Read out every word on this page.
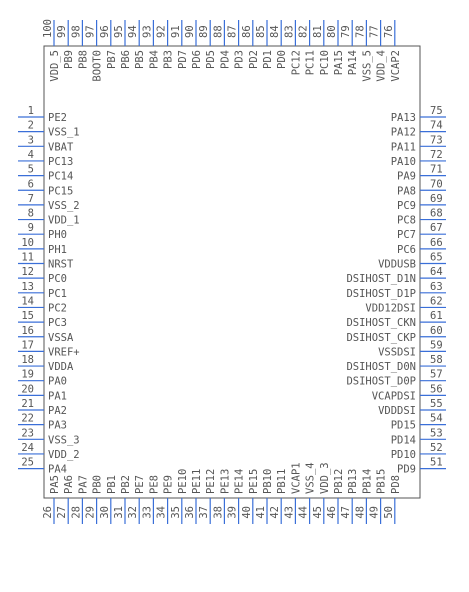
1
PE2
2
VSS_1
3
VBAT
4
PC13
5
PC14
6
PC15
7
VSS_2
8
VDD_1
9
PH0
10
PH1
11
NRST
12
PC0
13
PC1
14
PC2
15
PC3
16
VSSA
17
VREF+
18
VDDA
19
PA0
20
PA1
21
PA2
22
PA3
23
VSS_3
24
VDD_2
25
PA4
51
PD9
52
PD10
53
PD14
54
PD15
55
VDDDSI
56
VCAPDSI
57
DSIHOST_D0P
58
DSIHOST_D0N
59
VSSDSI
60
DSIHOST_CKP
61
DSIHOST_CKN
62
VDD12DSI
63
DSIHOST_D1P
64
DSIHOST_D1N
65
VDDUSB
66
PC6
67
PC7
68
PC8
69
PC9
70
PA8
71
PA9
72
PA10
73
PA11
74
PA12
75
PA13
26
PA5
27
PA6
28
PA7
29
PB0
30
PB1
31
PB2
32
PE7
33
PE8
34
PE9
35
PE10
36
PE11
37
PE12
38
PE13
39
PE14
40
PE15
41
PB10
42
PB11
43
VCAP1
44
VSS_4
45
VDD_3
46
PB12
47
PB13
48
PB14
49
PB15
50
PD8
76
VCAP2
77
VDD_4
78
VSS_5
79
PA14
80
PA15
81
PC10
82
PC11
83
PC12
84
PD0
85
PD1
86
PD2
87
PD3
88
PD4
89
PD5
90
PD6
91
PD7
92
PB3
93
PB4
94
PB5
95
PB6
96
PB7
97
BOOT0
98
PB8
99
PB9
100
VDD_5
